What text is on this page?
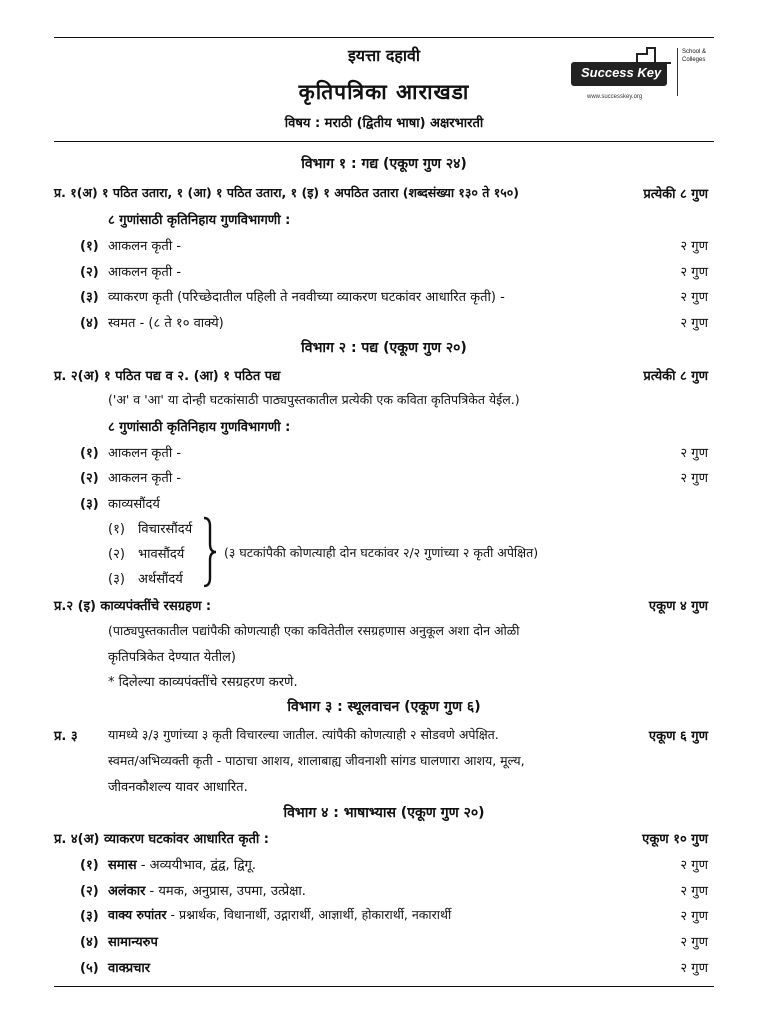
इयत्ता दहावी
कृतिपत्रिका आराखडा
विषय : मराठी (द्वितीय भाषा) अक्षरभारती
Success Key
School & Colleges
www.successkey.org
विभाग १ : गद्य (एकूण गुण २४)
प्र. १(अ) १ पठित उतारा, १ (आ) १ पठित उतारा, १ (इ) १ अपठित उतारा (शब्दसंख्या १३० ते १५०)	प्रत्येकी ८ गुण
८ गुणांसाठी कृतिनिहाय गुणविभागणी :
(१) आकलन कृती -	२ गुण
(२) आकलन कृती -	२ गुण
(३) व्याकरण कृती (परिच्छेदातील पहिली ते नववीच्या व्याकरण घटकांवर आधारित कृती) -	२ गुण
(४) स्वमत - (८ ते १० वाक्ये)	२ गुण
विभाग २ : पद्य (एकूण गुण २०)
प्र. २(अ) १ पठित पद्य व २. (आ) १ पठित पद्य	प्रत्येकी ८ गुण
('अ' व 'आ' या दोन्ही घटकांसाठी पाठ्यपुस्तकातील प्रत्येकी एक कविता कृतिपत्रिकेत येईल.)
८ गुणांसाठी कृतिनिहाय गुणविभागणी :
(१) आकलन कृती -	२ गुण
(२) आकलन कृती -	२ गुण
(३) काव्यसौंदर्य
(१) विचारसौंदर्य
(२) भावसौंदर्य
(३) अर्थसौंदर्य
(३ घटकांपैकी कोणत्याही दोन घटकांवर २/२ गुणांच्या २ कृती अपेक्षित)
प्र.२ (इ) काव्यपंक्तींचे रसग्रहण :	एकूण ४ गुण
(पाठ्यपुस्तकातील पद्यांपैकी कोणत्याही एका कवितेतील रसग्रहणास अनुकूल अशा दोन ओळी
कृतिपत्रिकेत देण्यात येतील)
* दिलेल्या काव्यपंक्तींचे रसग्रहरण करणे.
विभाग ३ : स्थूलवाचन (एकूण गुण ६)
प्र. ३ यामध्ये ३/३ गुणांच्या ३ कृती विचारल्या जातील. त्यांपैकी कोणत्याही २ सोडवणे अपेक्षित.	एकूण ६ गुण
स्वमत/अभिव्यक्ती कृती - पाठाचा आशय, शालाबाह्य जीवनाशी सांगड घालणारा आशय, मूल्य,
जीवनकौशल्य यावर आधारित.
विभाग ४ : भाषाभ्यास (एकूण गुण २०)
प्र. ४(अ) व्याकरण घटकांवर आधारित कृती :	एकूण १० गुण
(१) समास - अव्ययीभाव, द्वंद्व, द्विगू.	२ गुण
(२) अलंकार - यमक, अनुप्रास, उपमा, उत्प्रेक्षा.	२ गुण
(३) वाक्य रुपांतर - प्रश्नार्थक, विधानार्थी, उद्गारार्थी, आज्ञार्थी, होकारार्थी, नकारार्थी	२ गुण
(४) सामान्यरुप	२ गुण
(५) वाक्प्रचार	२ गुण
